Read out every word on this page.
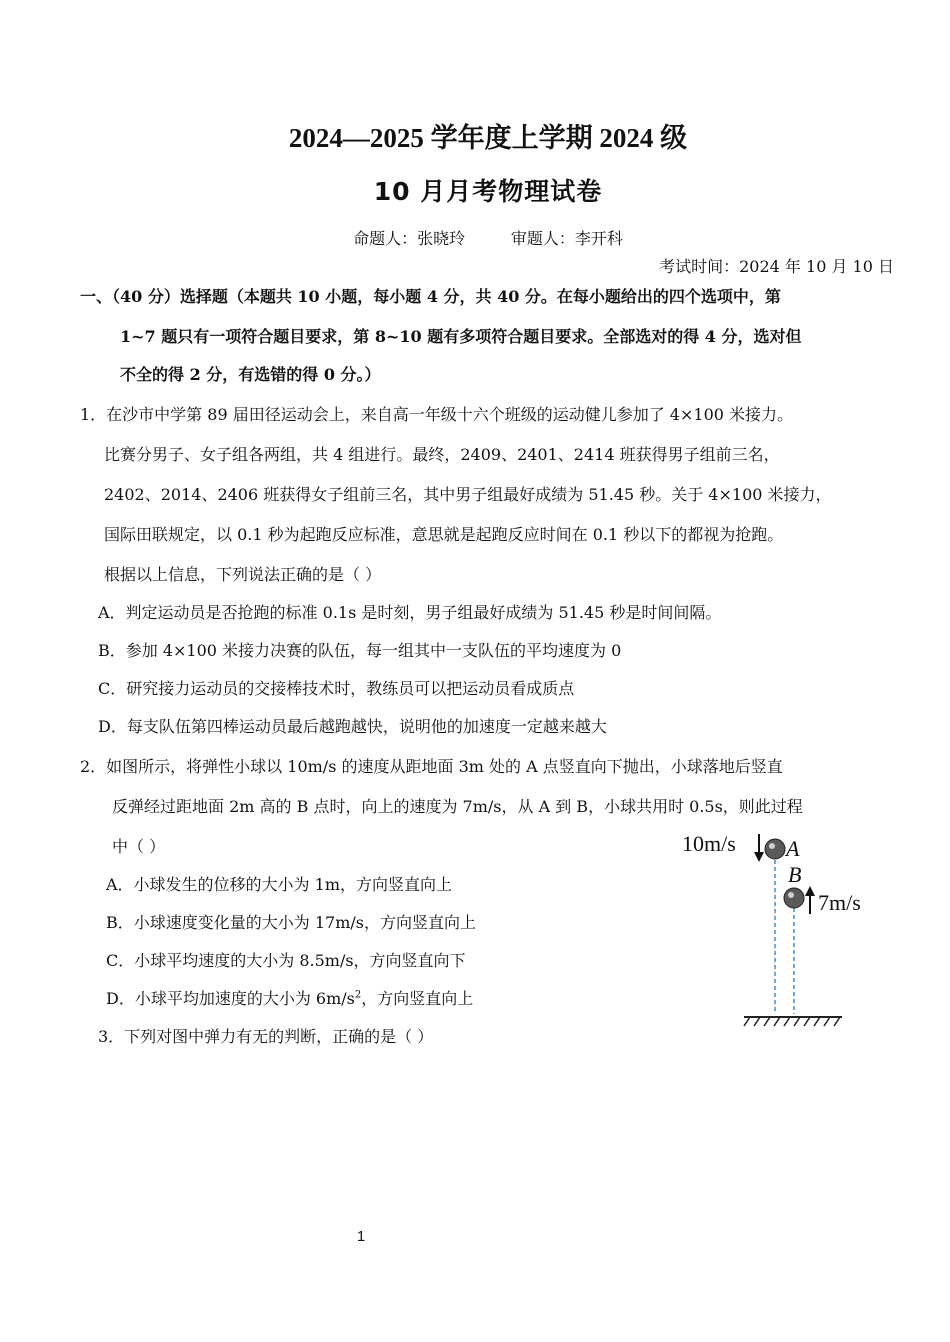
2024—2025 学年度上学期 2024 级
10 月月考物理试卷
命题人：张晓玲	审题人：李开科
考试时间：2024 年 10 月 10 日
一、（40 分）选择题（本题共 10 小题，每小题 4 分，共 40 分。在每小题给出的四个选项中，第
1~7 题只有一项符合题目要求，第 8~10 题有多项符合题目要求。全部选对的得 4 分，选对但
不全的得 2 分，有选错的得 0 分。）
1．在沙市中学第 89 届田径运动会上，来自高一年级十六个班级的运动健儿参加了 4×100 米接力。
比赛分男子、女子组各两组，共 4 组进行。最终，2409、2401、2414 班获得男子组前三名，
2402、2014、2406 班获得女子组前三名，其中男子组最好成绩为 51.45 秒。关于 4×100 米接力，
国际田联规定，以 0.1 秒为起跑反应标准，意思就是起跑反应时间在 0.1 秒以下的都视为抢跑。
根据以上信息，下列说法正确的是（ ）
A．判定运动员是否抢跑的标准 0.1s 是时刻，男子组最好成绩为 51.45 秒是时间间隔。
B．参加 4×100 米接力决赛的队伍，每一组其中一支队伍的平均速度为 0
C．研究接力运动员的交接棒技术时，教练员可以把运动员看成质点
D．每支队伍第四棒运动员最后越跑越快，说明他的加速度一定越来越大
2．如图所示，将弹性小球以 10m/s 的速度从距地面 3m 处的 A 点竖直向下抛出，小球落地后竖直
反弹经过距地面 2m 高的 B 点时，向上的速度为 7m/s，从 A 到 B，小球共用时 0.5s，则此过程
中（ ）
A．小球发生的位移的大小为 1m，方向竖直向上
B．小球速度变化量的大小为 17m/s，方向竖直向上
C．小球平均速度的大小为 8.5m/s，方向竖直向下
D．小球平均加速度的大小为 $6m/s^2$，方向竖直向上
3．下列对图中弹力有无的判断，正确的是（ ）
10m/s A
B
7m/s
1
